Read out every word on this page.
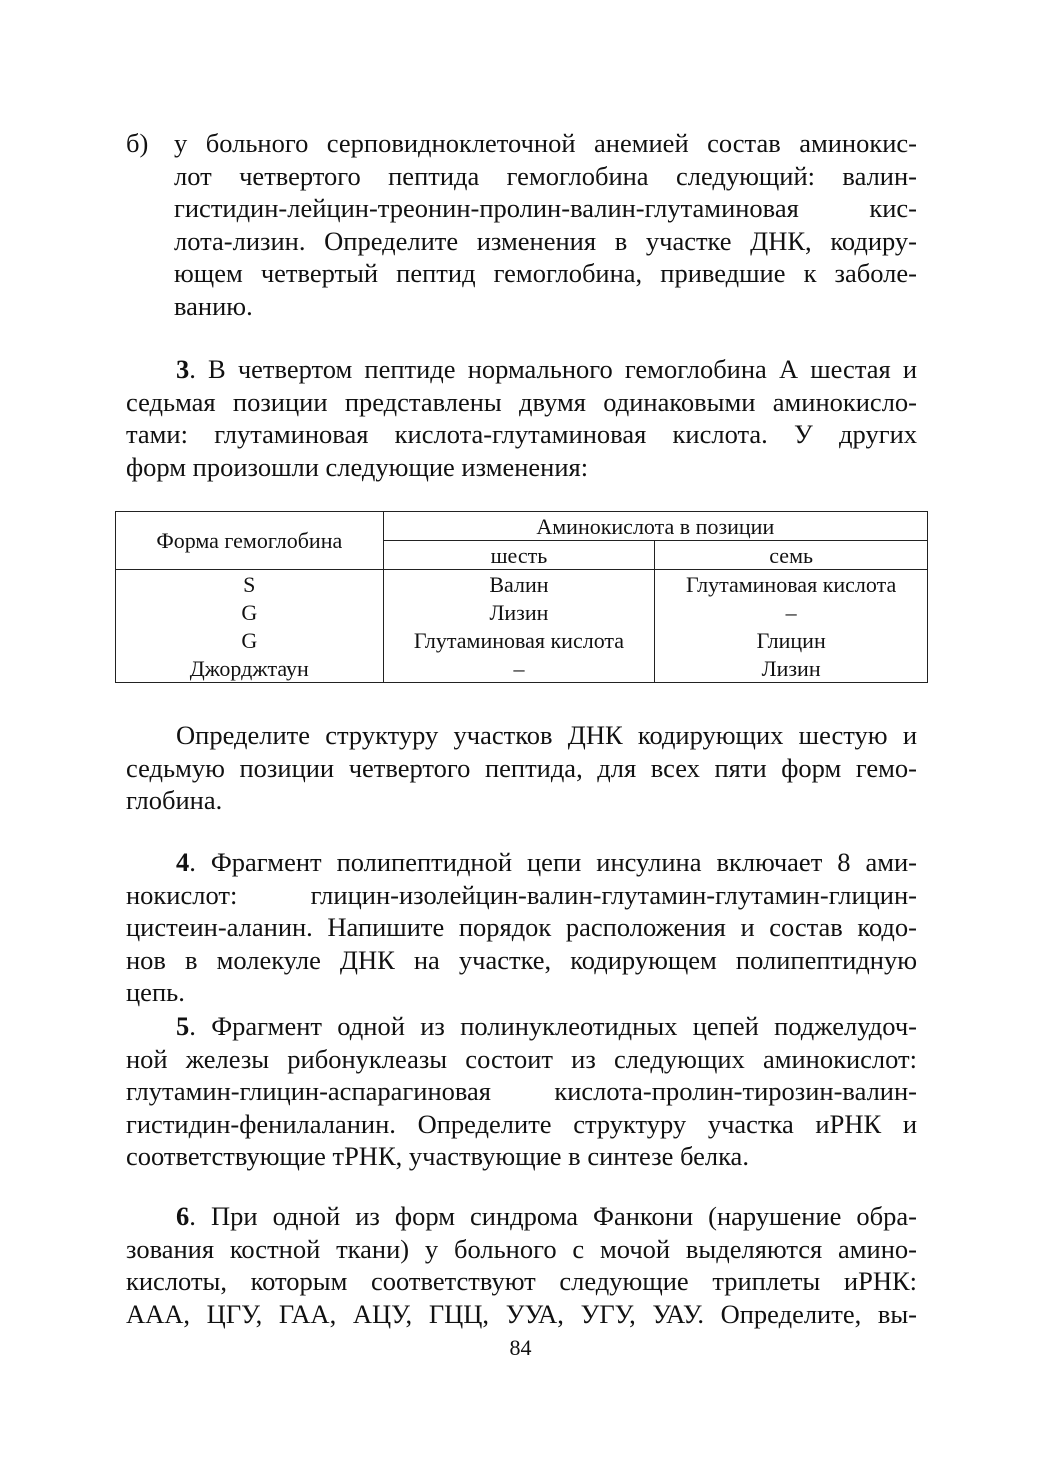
б) у больного серповидноклеточной анемией состав аминокис-
лот четвертого пептида гемоглобина следующий: валин-
гистидин-лейцин-треонин-пролин-валин-глутаминовая кис-
лота-лизин. Определите изменения в участке ДНК, кодиру-
ющем четвертый пептид гемоглобина, приведшие к заболе-
ванию.
3. В четвертом пептиде нормального гемоглобина А шестая и
седьмая позиции представлены двумя одинаковыми аминокисло-
тами: глутаминовая кислота-глутаминовая кислота. У других
форм произошли следующие изменения:
Форма гемоглобина	Аминокислота в позиции	
	шесть	семь
S	Валин	Глутаминовая кислота
G	Лизин	–
G	Глутаминовая кислота	Глицин
Джорджтаун	–	Лизин
Определите структуру участков ДНК кодирующих шестую и
седьмую позиции четвертого пептида, для всех пяти форм гемо-
глобина.
4. Фрагмент полипептидной цепи инсулина включает 8 ами-
нокислот: глицин-изолейцин-валин-глутамин-глутамин-глицин-
цистеин-аланин. Напишите порядок расположения и состав кодо-
нов в молекуле ДНК на участке, кодирующем полипептидную
цепь.
5. Фрагмент одной из полинуклеотидных цепей поджелудоч-
ной железы рибонуклеазы состоит из следующих аминокислот:
глутамин-глицин-аспарагиновая кислота-пролин-тирозин-валин-
гистидин-фенилаланин. Определите структуру участка иРНК и
соответствующие тРНК, участвующие в синтезе белка.
6. При одной из форм синдрома Фанкони (нарушение обра-
зования костной ткани) у больного с мочой выделяются амино-
кислоты, которым соответствуют следующие триплеты иРНК:
ААА, ЦГУ, ГАА, АЦУ, ГЦЦ, УУА, УГУ, УАУ. Определите, вы-
84
